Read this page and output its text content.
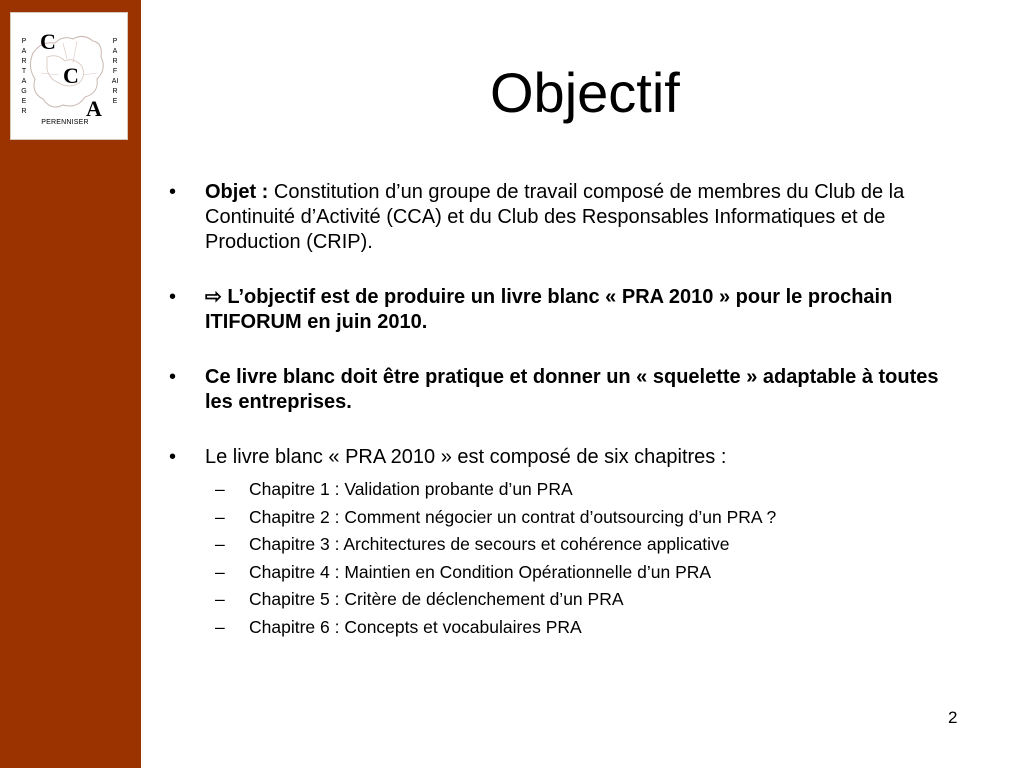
C
C
A
PARTAGER
PARFAIRE
PERENNISER	Objectif
• Objet : Constitution d’un groupe de travail composé de membres du Club de la Continuité d’Activité (CCA) et du Club des Responsables Informatiques et de Production (CRIP).
• ⇨ L’objectif est de produire un livre blanc « PRA 2010 » pour le prochain ITIFORUM en juin 2010.
• Ce livre blanc doit être pratique et donner un « squelette » adaptable à toutes les entreprises.
• Le livre blanc « PRA 2010 » est composé de six chapitres :
– Chapitre 1 : Validation probante d’un PRA
– Chapitre 2 : Comment négocier un contrat d’outsourcing d’un PRA ?
– Chapitre 3 : Architectures de secours et cohérence applicative
– Chapitre 4 : Maintien en Condition Opérationnelle d’un PRA
– Chapitre 5 : Critère de déclenchement d’un PRA
– Chapitre 6 : Concepts et vocabulaires PRA
2
